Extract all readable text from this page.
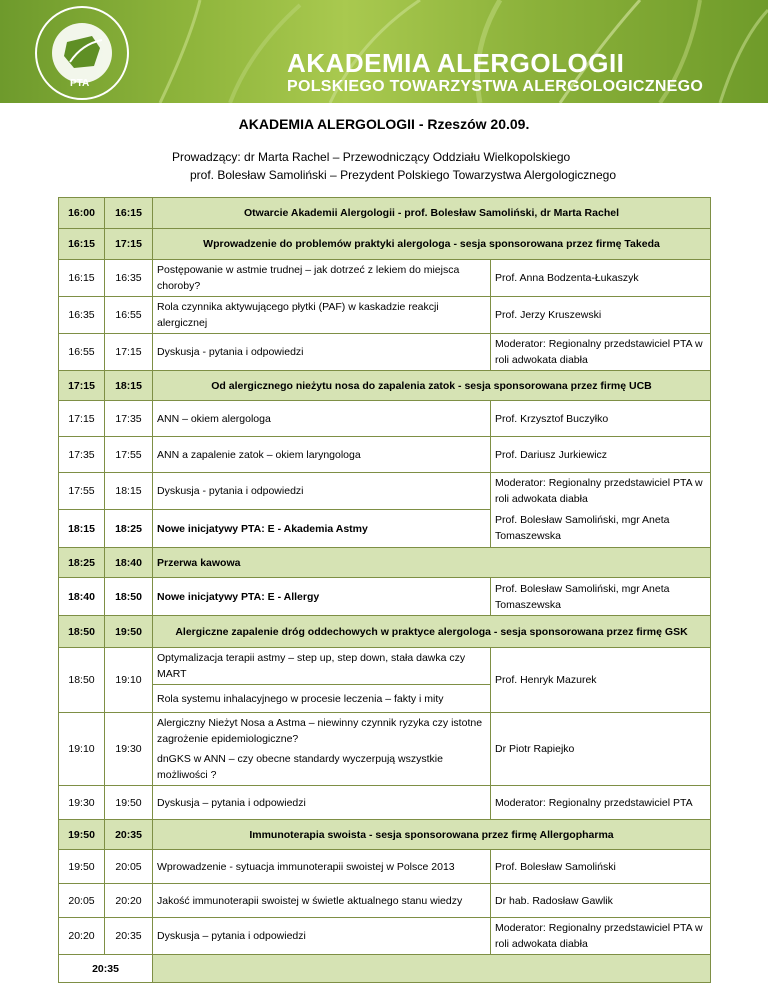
PTA
AKADEMIA ALERGOLOGII
POLSKIEGO TOWARZYSTWA ALERGOLOGICZNEGO
AKADEMIA ALERGOLOGII - Rzeszów 20.09.
Prowadzący: dr Marta Rachel – Przewodniczący Oddziału Wielkopolskiego
prof. Bolesław Samoliński – Prezydent Polskiego Towarzystwa Alergologicznego
16:00	16:15	Otwarcie Akademii Alergologii - prof. Bolesław Samoliński, dr Marta Rachel	
16:15	17:15	Wprowadzenie do problemów praktyki alergologa - sesja sponsorowana przez firmę Takeda	
16:15	16:35	Postępowanie w astmie trudnej – jak dotrzeć z lekiem do miejsca choroby?	Prof. Anna Bodzenta-Łukaszyk
16:35	16:55	Rola czynnika aktywującego płytki (PAF) w kaskadzie reakcji alergicznej	Prof. Jerzy Kruszewski
16:55	17:15	Dyskusja - pytania i odpowiedzi	Moderator: Regionalny przedstawiciel PTA w roli adwokata diabła
17:15	18:15	Od alergicznego nieżytu nosa do zapalenia zatok - sesja sponsorowana przez firmę UCB	
17:15	17:35	ANN – okiem alergologa	Prof. Krzysztof Buczyłko
17:35	17:55	ANN a zapalenie zatok – okiem laryngologa	Prof. Dariusz Jurkiewicz
17:55	18:15	Dyskusja - pytania i odpowiedzi	Moderator: Regionalny przedstawiciel PTA w roli adwokata diabła
18:15	18:25	Nowe inicjatywy PTA: E - Akademia Astmy	Prof. Bolesław Samoliński, mgr Aneta Tomaszewska
18:25	18:40	Przerwa kawowa	
18:40	18:50	Nowe inicjatywy PTA: E - Allergy	Prof. Bolesław Samoliński, mgr Aneta Tomaszewska
18:50	19:50	Alergiczne zapalenie dróg oddechowych w praktyce alergologa - sesja sponsorowana przez firmę GSK	
18:50	19:10	Optymalizacja terapii astmy – step up, step down, stała dawka czy MART	Prof. Henryk Mazurek
		Rola systemu inhalacyjnego w procesie leczenia – fakty i mity	
19:10	19:30	Alergiczny Nieżyt Nosa a Astma – niewinny czynnik ryzyka czy istotne zagrożenie epidemiologiczne?	Dr Piotr Rapiejko
		dnGKS w ANN – czy obecne standardy wyczerpują wszystkie możliwości ?	
19:30	19:50	Dyskusja – pytania i odpowiedzi	Moderator: Regionalny przedstawiciel PTA
19:50	20:35	Immunoterapia swoista - sesja sponsorowana przez firmę Allergopharma	
19:50	20:05	Wprowadzenie - sytuacja immunoterapii swoistej w Polsce 2013	Prof. Bolesław Samoliński
20:05	20:20	Jakość immunoterapii swoistej w świetle aktualnego stanu wiedzy	Dr hab. Radosław Gawlik
20:20	20:35	Dyskusja – pytania i odpowiedzi	Moderator: Regionalny przedstawiciel PTA w roli adwokata diabła
20:35			
